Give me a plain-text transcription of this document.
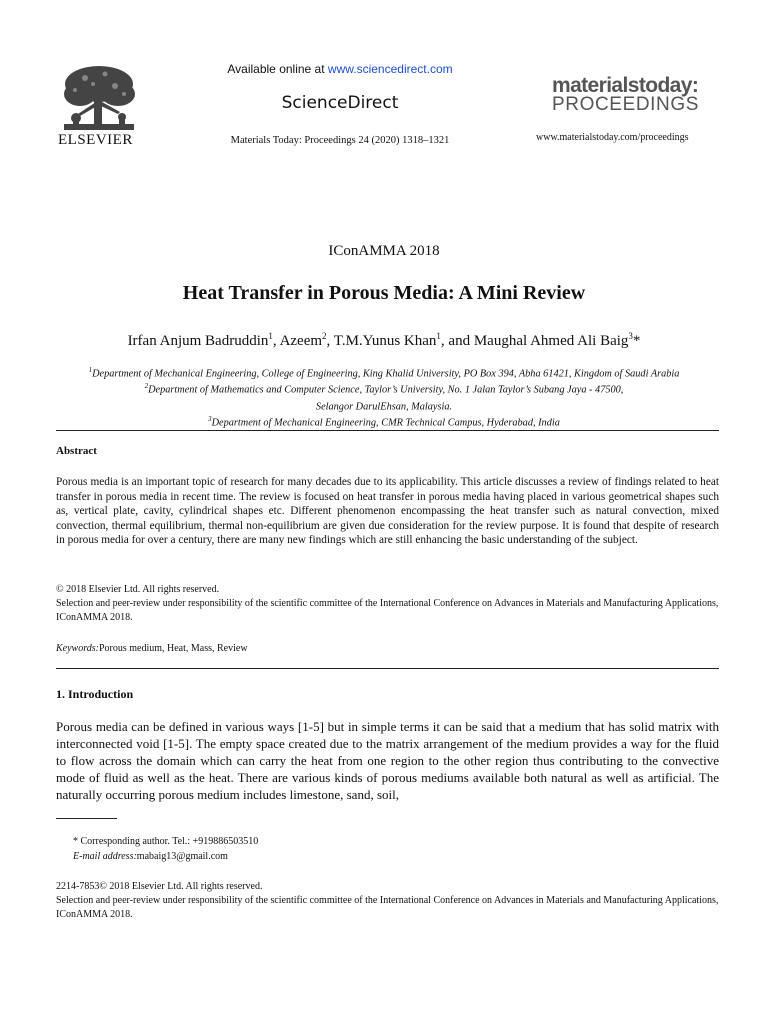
ELSEVIER
Available online at www.sciencedirect.com
ScienceDirect
Materials Today: Proceedings 24 (2020) 1318–1321
materialstoday:
PROCEEDINGS
www.materialstoday.com/proceedings
IConAMMA 2018
Heat Transfer in Porous Media: A Mini Review
Irfan Anjum Badruddin$^1$, Azeem$^2$, T.M.Yunus Khan$^1$, and Maughal Ahmed Ali Baig$^3$*
$^1$Department of Mechanical Engineering, College of Engineering, King Khalid University, PO Box 394, Abha 61421, Kingdom of Saudi Arabia
$^2$Department of Mathematics and Computer Science, Taylor’s University, No. 1 Jalan Taylor’s Subang Jaya - 47500,
Selangor DarulEhsan, Malaysia.
$^3$Department of Mechanical Engineering, CMR Technical Campus, Hyderabad, India
Abstract
Porous media is an important topic of research for many decades due to its applicability. This article discusses a review of findings related to heat transfer in porous media in recent time. The review is focused on heat transfer in porous media having placed in various geometrical shapes such as, vertical plate, cavity, cylindrical shapes etc. Different phenomenon encompassing the heat transfer such as natural convection, mixed convection, thermal equilibrium, thermal non-equilibrium are given due consideration for the review purpose. It is found that despite of research in porous media for over a century, there are many new findings which are still enhancing the basic understanding of the subject.
© 2018 Elsevier Ltd. All rights reserved.
Selection and peer-review under responsibility of the scientific committee of the International Conference on Advances in Materials and Manufacturing Applications, IConAMMA 2018.
Keywords:Porous medium, Heat, Mass, Review
1. Introduction
Porous media can be defined in various ways [1-5] but in simple terms it can be said that a medium that has solid matrix with interconnected void [1-5]. The empty space created due to the matrix arrangement of the medium provides a way for the fluid to flow across the domain which can carry the heat from one region to the other region thus contributing to the convective mode of fluid as well as the heat. There are various kinds of porous mediums available both natural as well as artificial. The naturally occurring porous medium includes limestone, sand, soil,
* Corresponding author. Tel.: +919886503510
E-mail address:mabaig13@gmail.com
2214-7853© 2018 Elsevier Ltd. All rights reserved.
Selection and peer-review under responsibility of the scientific committee of the International Conference on Advances in Materials and Manufacturing Applications, IConAMMA 2018.
